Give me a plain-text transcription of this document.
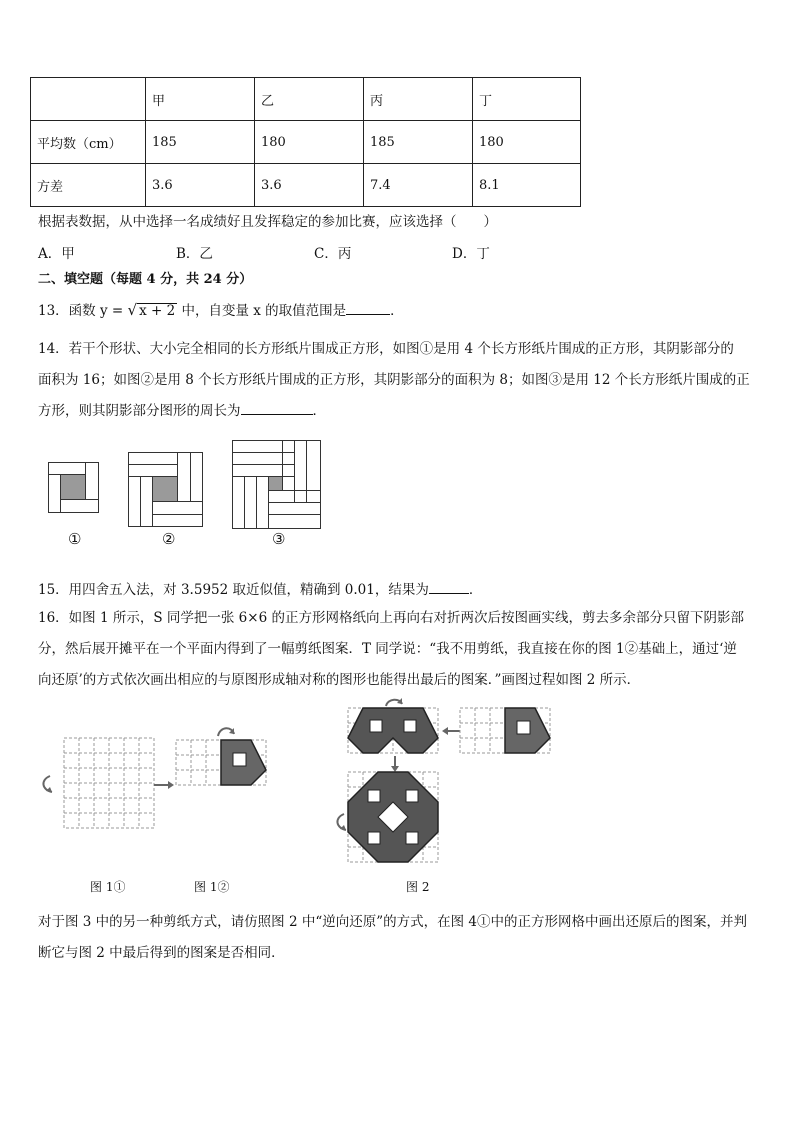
	甲	乙	丙	丁
平均数（cm）	185	180	185	180
方差	3.6	3.6	7.4	8.1
根据表数据，从中选择一名成绩好且发挥稳定的参加比赛，应该选择（　　）
A．甲	B．乙	C．丙	D．丁
二、填空题（每题 4 分，共 24 分）
13．函数 y = √ x + 2 中，自变量 x 的取值范围是	．
14．若干个形状、大小完全相同的长方形纸片围成正方形，如图①是用 4 个长方形纸片围成的正方形，其阴影部分的
面积为 16；如图②是用 8 个长方形纸片围成的正方形，其阴影部分的面积为 8；如图③是用 12 个长方形纸片围成的正
方形，则其阴影部分图形的周长为	．
①	②	③
15．用四舍五入法，对 3.5952 取近似值，精确到 0.01，结果为	．
16．如图 1 所示，S 同学把一张 6×6 的正方形网格纸向上再向右对折两次后按图画实线，剪去多余部分只留下阴影部
分，然后展开摊平在一个平面内得到了一幅剪纸图案．T 同学说：“我不用剪纸，我直接在你的图 1②基础上，通过‘逆
向还原’的方式依次画出相应的与原图形成轴对称的图形也能得出最后的图案．”画图过程如图 2 所示．
图 1①	图 1②	图 2
对于图 3 中的另一种剪纸方式，请仿照图 2 中“逆向还原”的方式，在图 4①中的正方形网格中画出还原后的图案，并判
断它与图 2 中最后得到的图案是否相同．
